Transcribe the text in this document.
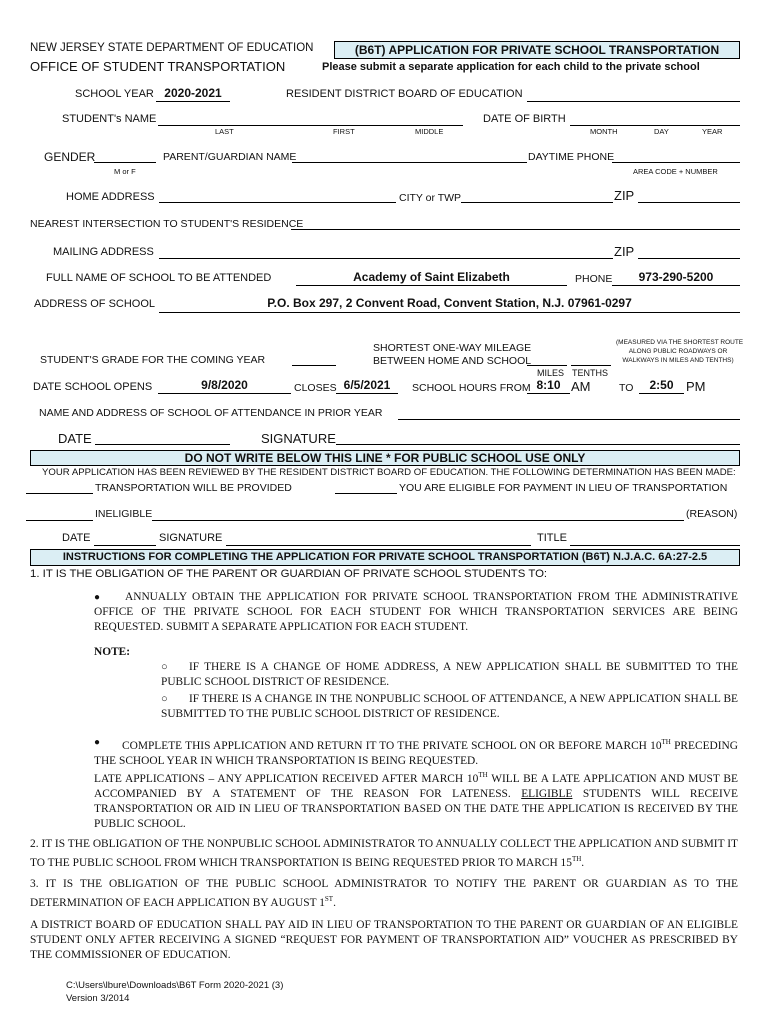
NEW JERSEY STATE DEPARTMENT OF EDUCATION
OFFICE OF STUDENT TRANSPORTATION
(B6T) APPLICATION FOR PRIVATE SCHOOL TRANSPORTATION
Please submit a separate application for each child to the private school
SCHOOL YEAR 2020-2021	RESIDENT DISTRICT BOARD OF EDUCATION
STUDENT's NAME
LAST	FIRST	MIDDLE
DATE OF BIRTH
MONTH	DAY	YEAR
GENDER
M or F
PARENT/GUARDIAN NAME	DAYTIME PHONE
AREA CODE + NUMBER
HOME ADDRESS	CITY or TWP	ZIP
NEAREST INTERSECTION TO STUDENT'S RESIDENCE
MAILING ADDRESS	ZIP
FULL NAME OF SCHOOL TO BE ATTENDED	Academy of Saint Elizabeth	PHONE	973-290-5200
ADDRESS OF SCHOOL	P.O. Box 297, 2 Convent Road, Convent Station, N.J. 07961-0297
SHORTEST ONE-WAY MILEAGE
BETWEEN HOME AND SCHOOL
(MEASURED VIA THE SHORTEST ROUTE
ALONG PUBLIC ROADWAYS OR
WALKWAYS IN MILES AND TENTHS)
STUDENT'S GRADE FOR THE COMING YEAR
MILES TENTHS
DATE SCHOOL OPENS	9/8/2020	CLOSES 6/5/2021	SCHOOL HOURS FROM 8:10 AM	TO	2:50 PM
NAME AND ADDRESS OF SCHOOL OF ATTENDANCE IN PRIOR YEAR
DATE	SIGNATURE
DO NOT WRITE BELOW THIS LINE * FOR PUBLIC SCHOOL USE ONLY
YOUR APPLICATION HAS BEEN REVIEWED BY THE RESIDENT DISTRICT BOARD OF EDUCATION. THE FOLLOWING DETERMINATION HAS BEEN MADE:
TRANSPORTATION WILL BE PROVIDED	YOU ARE ELIGIBLE FOR PAYMENT IN LIEU OF TRANSPORTATION
INELIGIBLE	(REASON)
DATE	SIGNATURE	TITLE
INSTRUCTIONS FOR COMPLETING THE APPLICATION FOR PRIVATE SCHOOL TRANSPORTATION (B6T) N.J.A.C. 6A:27-2.5
1. IT IS THE OBLIGATION OF THE PARENT OR GUARDIAN OF PRIVATE SCHOOL STUDENTS TO:
●	ANNUALLY OBTAIN THE APPLICATION FOR PRIVATE SCHOOL TRANSPORTATION FROM THE ADMINISTRATIVE OFFICE OF THE PRIVATE SCHOOL FOR EACH STUDENT FOR WHICH TRANSPORTATION SERVICES ARE BEING REQUESTED. SUBMIT A SEPARATE APPLICATION FOR EACH STUDENT.
NOTE:
○	IF THERE IS A CHANGE OF HOME ADDRESS, A NEW APPLICATION SHALL BE SUBMITTED TO THE PUBLIC SCHOOL DISTRICT OF RESIDENCE.
○	IF THERE IS A CHANGE IN THE NONPUBLIC SCHOOL OF ATTENDANCE, A NEW APPLICATION SHALL BE SUBMITTED TO THE PUBLIC SCHOOL DISTRICT OF RESIDENCE.
●	COMPLETE THIS APPLICATION AND RETURN IT TO THE PRIVATE SCHOOL ON OR BEFORE MARCH 10TH PRECEDING THE SCHOOL YEAR IN WHICH TRANSPORTATION IS BEING REQUESTED.
LATE APPLICATIONS – ANY APPLICATION RECEIVED AFTER MARCH 10TH WILL BE A LATE APPLICATION AND MUST BE ACCOMPANIED BY A STATEMENT OF THE REASON FOR LATENESS. ELIGIBLE STUDENTS WILL RECEIVE TRANSPORTATION OR AID IN LIEU OF TRANSPORTATION BASED ON THE DATE THE APPLICATION IS RECEIVED BY THE PUBLIC SCHOOL.
2. IT IS THE OBLIGATION OF THE NONPUBLIC SCHOOL ADMINISTRATOR TO ANNUALLY COLLECT THE APPLICATION AND SUBMIT IT TO THE PUBLIC SCHOOL FROM WHICH TRANSPORTATION IS BEING REQUESTED PRIOR TO MARCH 15TH.
3. IT IS THE OBLIGATION OF THE PUBLIC SCHOOL ADMINISTRATOR TO NOTIFY THE PARENT OR GUARDIAN AS TO THE DETERMINATION OF EACH APPLICATION BY AUGUST 1ST.
A DISTRICT BOARD OF EDUCATION SHALL PAY AID IN LIEU OF TRANSPORTATION TO THE PARENT OR GUARDIAN OF AN ELIGIBLE STUDENT ONLY AFTER RECEIVING A SIGNED “REQUEST FOR PAYMENT OF TRANSPORTATION AID” VOUCHER AS PRESCRIBED BY THE COMMISSIONER OF EDUCATION.
C:\Users\lbure\Downloads\B6T Form 2020-2021 (3)
Version 3/2014
